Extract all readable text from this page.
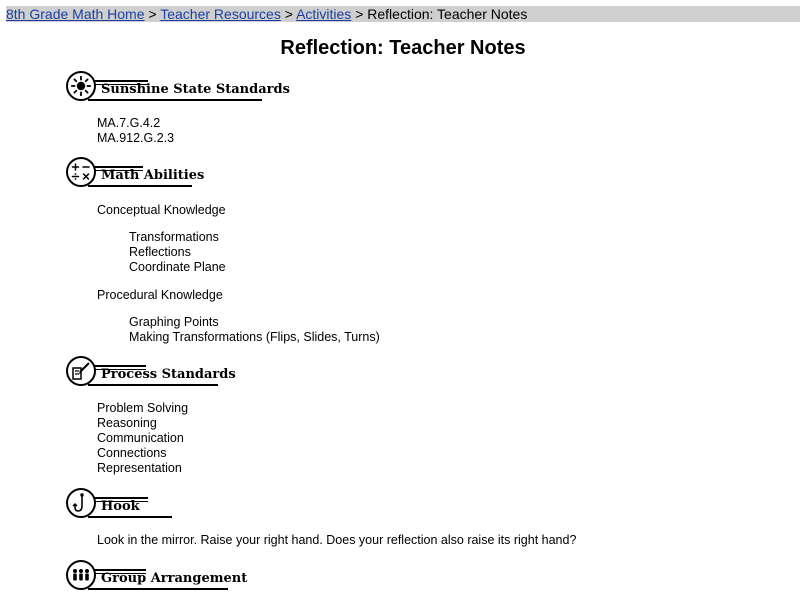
8th Grade Math Home > Teacher Resources > Activities > Reflection: Teacher Notes
Reflection: Teacher Notes
Sunshine State Standards
MA.7.G.4.2
MA.912.G.2.3
Math Abilities
Conceptual Knowledge
Transformations
Reflections
Coordinate Plane
Procedural Knowledge
Graphing Points
Making Transformations (Flips, Slides, Turns)
Process Standards
Problem Solving
Reasoning
Communication
Connections
Representation
Hook
Look in the mirror. Raise your right hand. Does your reflection also raise its right hand?
Group Arrangement
